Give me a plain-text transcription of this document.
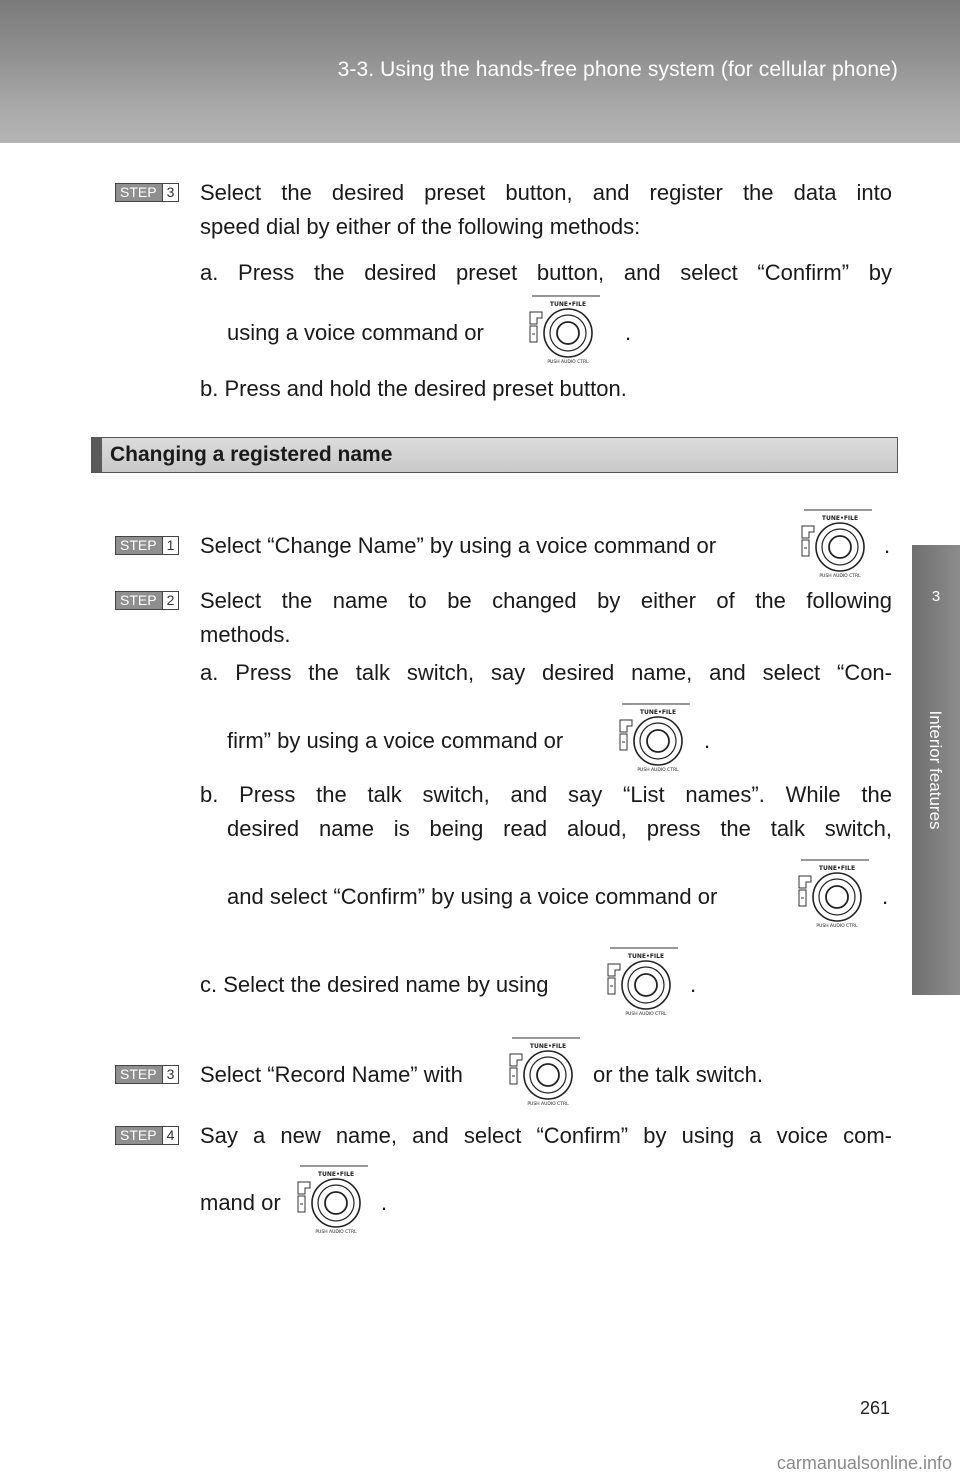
3-3. Using the hands-free phone system (for cellular phone)
3
Interior features
STEP 3 Select the desired preset button, and register the data into
speed dial by either of the following methods:
a. Press the desired preset button, and select “Confirm” by
using a voice command or
TUNE•FILE
PUSH AUDIO CTRL
.
b. Press and hold the desired preset button.
Changing a registered name
STEP 1 Select “Change Name” by using a voice command or
TUNE•FILE
PUSH AUDIO CTRL
.
STEP 2 Select the name to be changed by either of the following
methods.
a. Press the talk switch, say desired name, and select “Con-
firm” by using a voice command or
TUNE•FILE
PUSH AUDIO CTRL
.
b. Press the talk switch, and say “List names”. While the
desired name is being read aloud, press the talk switch,
and select “Confirm” by using a voice command or
TUNE•FILE
PUSH AUDIO CTRL
.
c. Select the desired name by using
TUNE•FILE
PUSH AUDIO CTRL
.
STEP 3 Select “Record Name” with
TUNE•FILE
PUSH AUDIO CTRL
or the talk switch.
STEP 4 Say a new name, and select “Confirm” by using a voice com-
mand or
TUNE•FILE
PUSH AUDIO CTRL
.
261
carmanualsonline.info
